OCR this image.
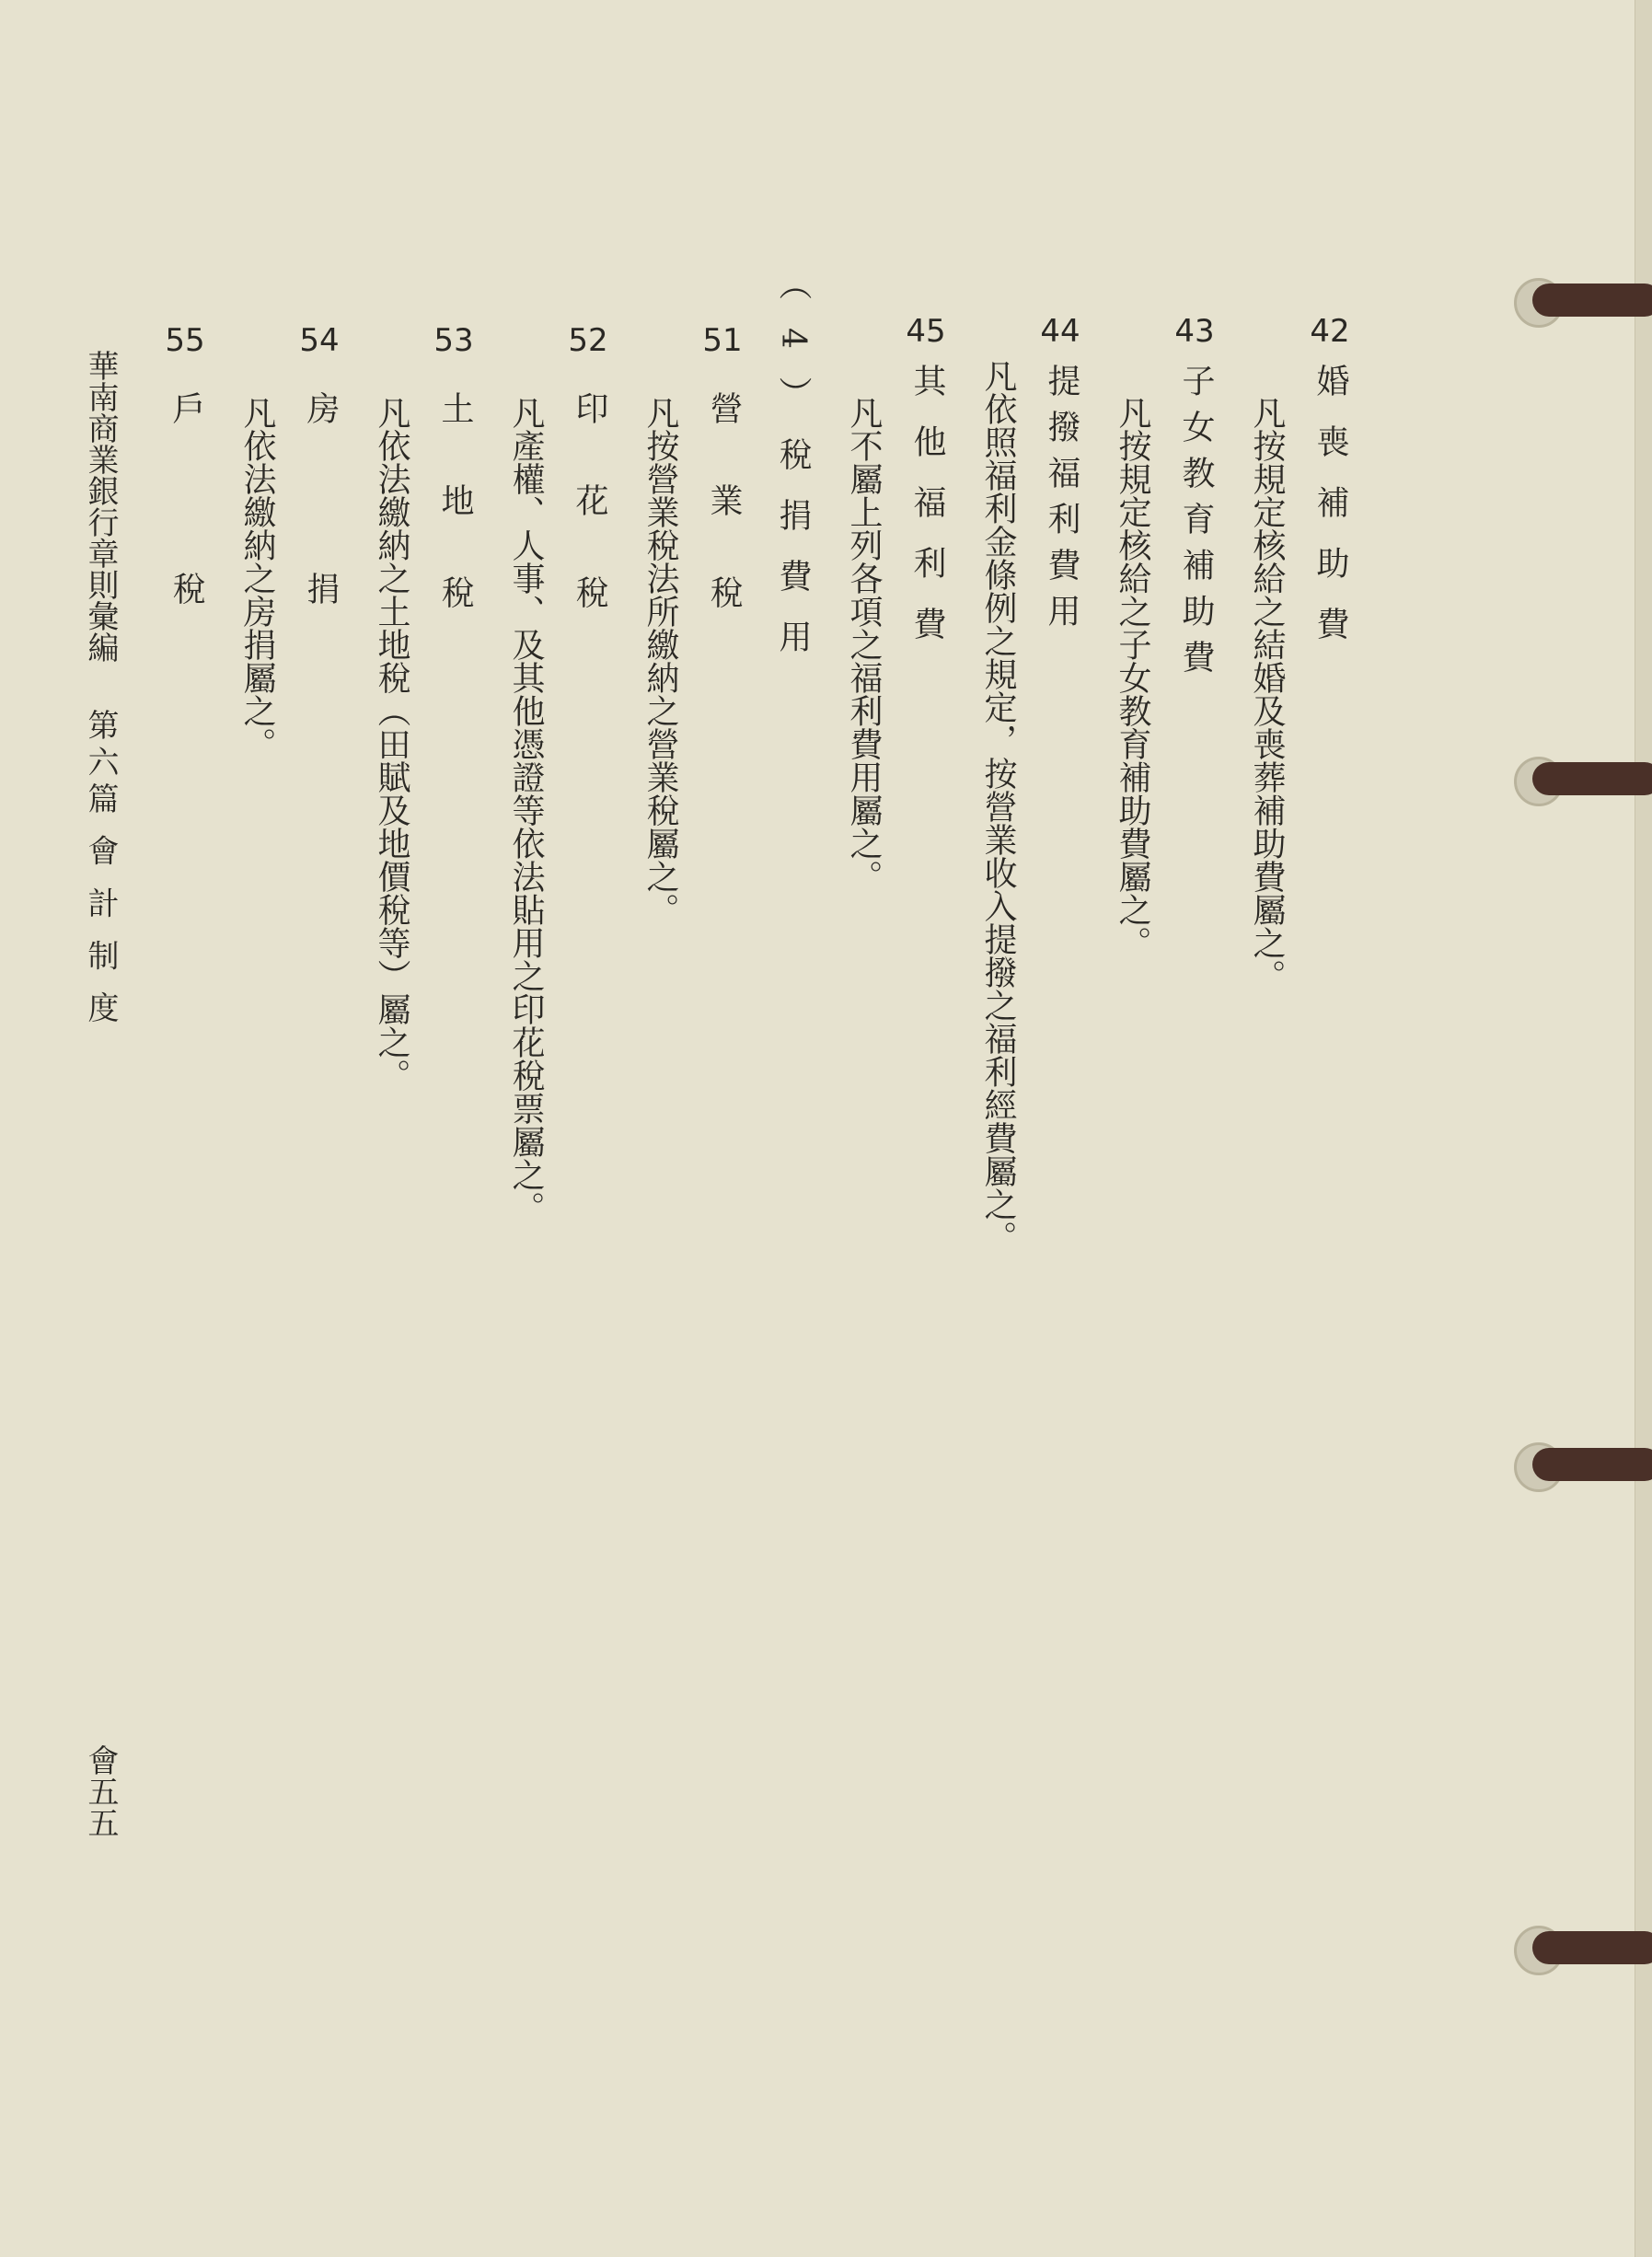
42
婚喪補助費
凡按規定核給之結婚及喪葬補助費屬之。
43
子女教育補助費
凡按規定核給之子女教育補助費屬之。
44
提撥福利費用
凡依照福利金條例之規定，按營業收入提撥之福利經費屬之。
45
其他福利費
凡不屬上列各項之福利費用屬之。
（4）稅捐費用
51
營業稅
凡按營業稅法所繳納之營業稅屬之。
52
印花稅
凡產權、人事、及其他憑證等依法貼用之印花稅票屬之。
53
土地稅
凡依法繳納之土地稅（田賦及地價稅等）屬之。
54
房捐
凡依法繳納之房捐屬之。
55
戶稅
華南商業銀行章則彙編
第六篇 會 計 制 度
會五五
